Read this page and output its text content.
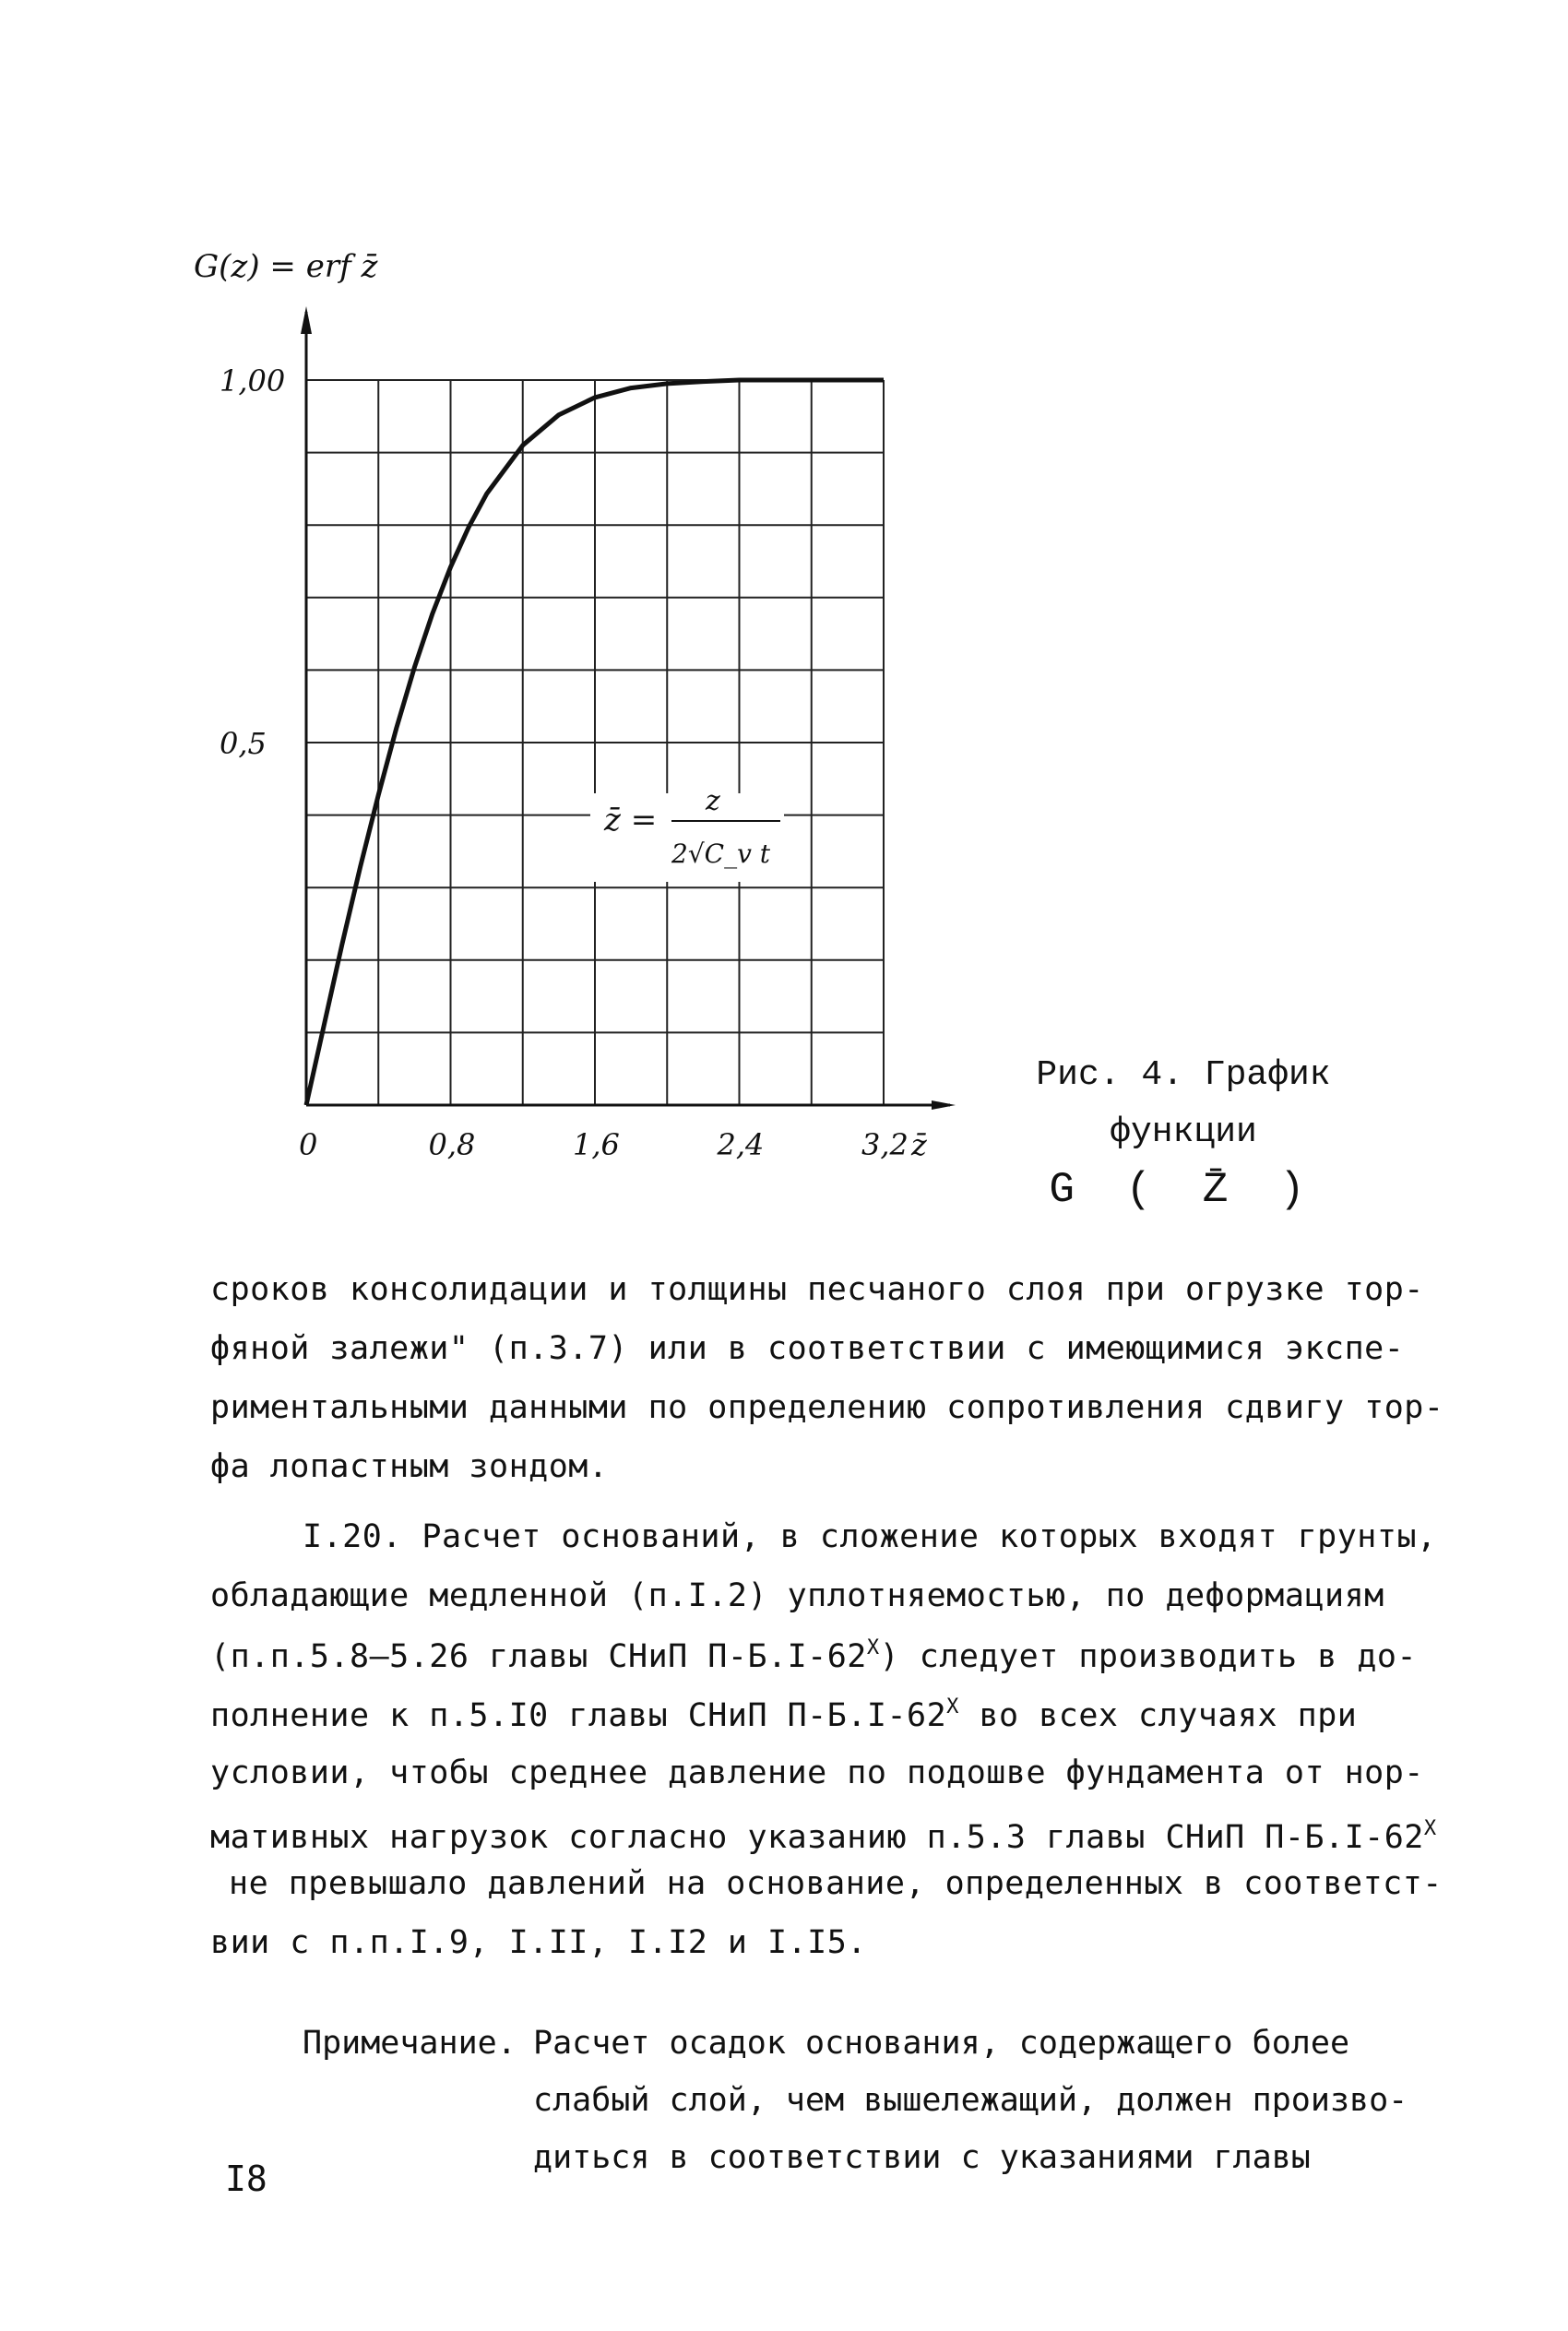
G(z) = erf z̄
1,00
0,5
0	0,8	1,6	2,4	3,2 z̄
z̄ =
z
2√C_v t
Рис. 4. График функции
G ( Z̄ )
сроков консолидации и толщины песчаного слоя при огрузке тор-
фяной залежи" (п.3.7) или в соответствии с имеющимися экспе-
риментальными данными по определению сопротивления сдвигу тор-
фа лопастным зондом.
I.20. Расчет оснований, в сложение которых входят грунты,
обладающие медленной (п.I.2) уплотняемостью, по деформациям
(п.п.5.8–5.26 главы СНиП $П-Б.I-62^X$) следует производить в до-
полнение к п.5.I0 главы СНиП $П-Б.I-62^X$ во всех случаях при
условии, чтобы среднее давление по подошве фундамента от нор-
мативных нагрузок согласно указанию п.5.3 главы СНиП $П-Б.I-62^X$
не превышало давлений на основание, определенных в соответст-
вии с п.п.I.9, I.II, I.I2 и I.I5.
Примечание. Расчет осадок основания, содержащего более
слабый слой, чем вышележащий, должен произво-
диться в соответствии с указаниями главы
I8
